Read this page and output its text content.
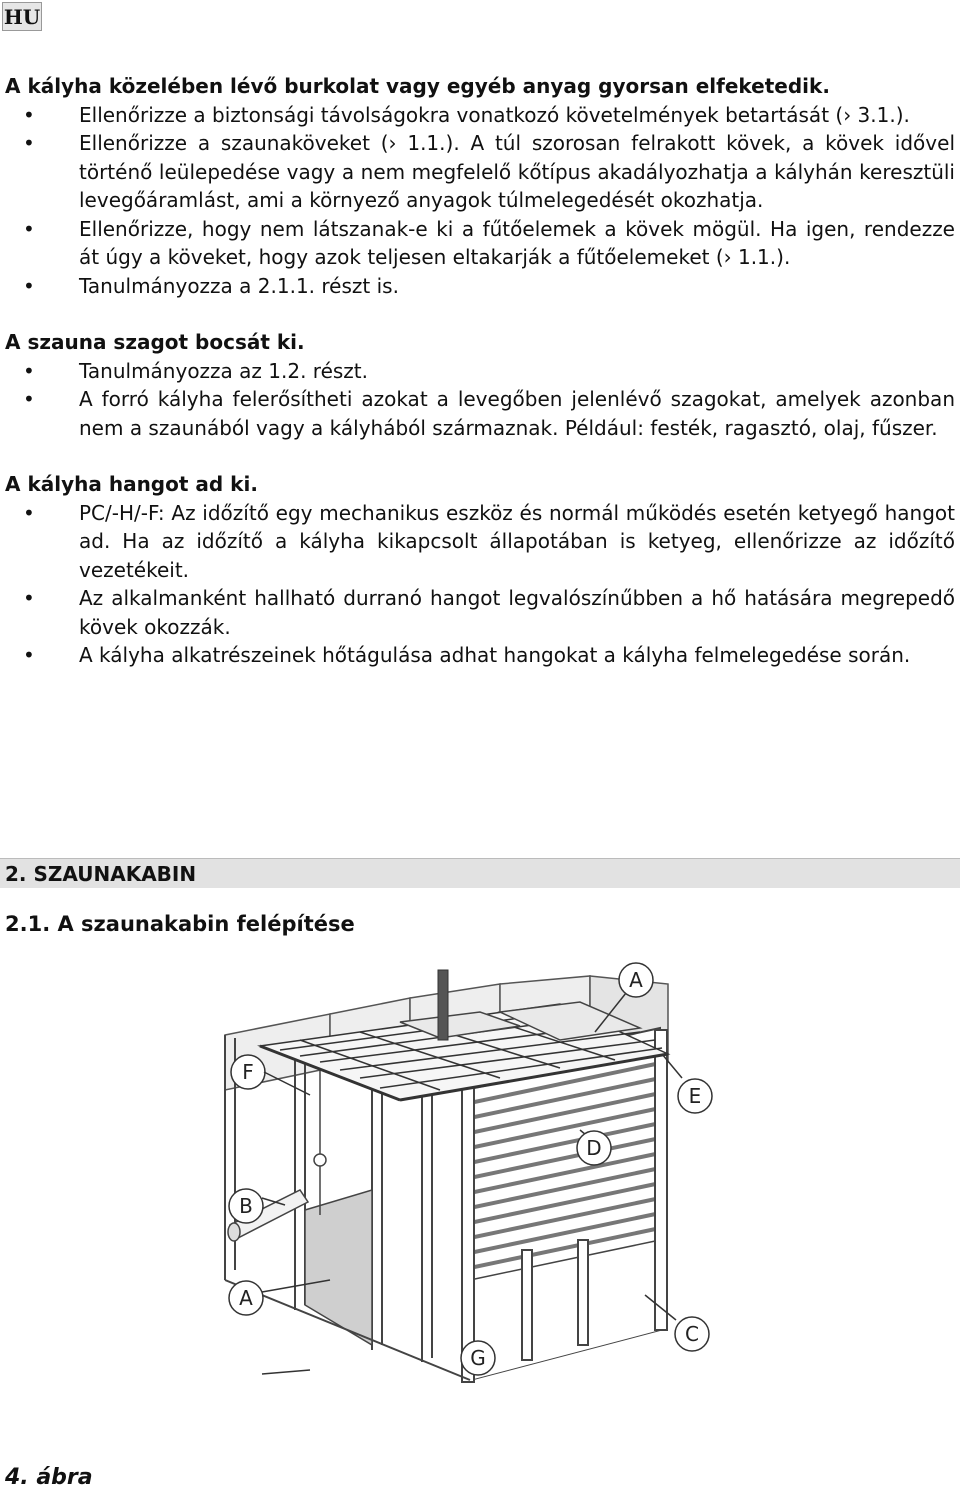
HU
A kályha közelében lévő burkolat vagy egyéb anyag gyorsan elfeketedik.
• Ellenőrizze a biztonsági távolságokra vonatkozó követelmények betartását (› 3.1.).
• Ellenőrizze a szaunaköveket (› 1.1.). A túl szorosan felrakott kövek, a kövek idővel történő leülepedése vagy a nem megfelelő kőtípus akadályozhatja a kályhán keresztüli levegőáramlást, ami a környező anyagok túlmelegedését okozhatja.
• Ellenőrizze, hogy nem látszanak-e ki a fűtőelemek a kövek mögül. Ha igen, rendezze át úgy a köveket, hogy azok teljesen eltakarják a fűtőelemeket (› 1.1.).
• Tanulmányozza a 2.1.1. részt is.
A szauna szagot bocsát ki.
• Tanulmányozza az 1.2. részt.
• A forró kályha felerősítheti azokat a levegőben jelenlévő szagokat, amelyek azonban nem a szaunából vagy a kályhából származnak. Például: festék, ragasztó, olaj, fűszer.
A kályha hangot ad ki.
• PC/-H/-F: Az időzítő egy mechanikus eszköz és normál működés esetén ketyegő hangot ad. Ha az időzítő a kályha kikapcsolt állapotában is ketyeg, ellenőrizze az időzítő vezetékeit.
• Az alkalmanként hallható durranó hangot legvalószínűbben a hő hatására megrepedő kövek okozzák.
• A kályha alkatrészeinek hőtágulása adhat hangokat a kályha felmelegedése során.
2. SZAUNAKABIN
2.1. A szaunakabin felépítése
A
B
A
F
E
D
C
G
4. ábra
